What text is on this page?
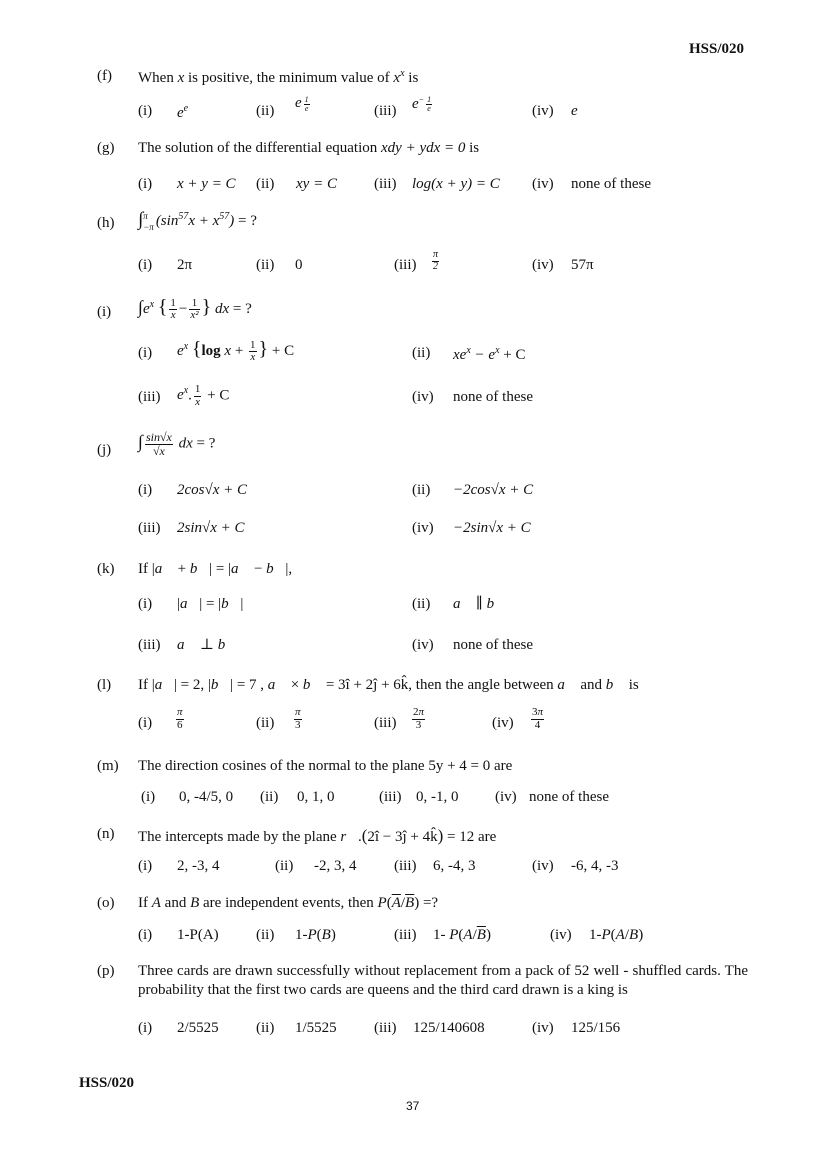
HSS/020
(f) When x is positive, the minimum value of $x^x$ is
(i) $e^e$	(ii) e $\frac{1}{e}$	(iii) $e^- \frac{1}{e}$	(iv) e
(g) The solution of the differential equation xdy + ydx = 0 is
(i) x + y = C (ii) xy = C (iii) log(x + y) = C (iv) none of these
(h) ∫ π
−π $(\sin^{57}x + x^{57})$ = ?
(i) 2π	(ii) 0	$(iii) \frac{\pi}{2}$	(iv) 57π
(i) $\int e^x$ { $\frac{1}{x} - \frac{1}{\text{x²}}$ } dx = ?
(i) $e^x$ {log $x + \frac{1}{x}$ } + C	(ii) $xe^x - e^x + C$
(iii) $e^x$. $\frac{1}{x} + C$	(iv) none of these
(j) ∫ $\frac{\sin√x}{√x}$ dx = ?
(i) 2cos√x + C	(ii) −2cos√x + C
(iii) 2sin√x + C	(iv) −2sin√x + C
(k) If |a⃗ + b⃗| = |a⃗ − b⃗|,
(i) |a⃗| = |b⃗|	(ii) a⃗ ∥ b⃗
(iii) a⃗ ⊥ b⃗	(iv) none of these
(l) If |a⃗| = 2, |b⃗| = 7 , a⃗ × b⃗ = 3î + 2ĵ + 6k̂, then the angle between a⃗ and b⃗ is
$(i) \frac{\pi}{6}$	$(ii) \frac{\pi}{3}$	$(iii) \frac{2\pi}{3}$	$(iv) \frac{3\pi}{4}$
(m) The direction cosines of the normal to the plane 5y + 4 = 0 are
(i) 0, -4/5, 0 (ii) 0, 1, 0	(iii) 0, -1, 0 (iv) none of these
(n) The intercepts made by the plane r⃗.(2î − 3ĵ + 4k̂) = 12 are
(i) 2, -3, 4	(ii) -2, 3, 4	(iii) 6, -4, 3	(iv) -6, 4, -3
(o) If A and B are independent events, then $P(\overline{A}/\overline{B})$ =?
(i) 1-P(A) (ii) 1-P(B)	(iii) 1- $P(A/\overline{B})$	(iv) 1-P(A/B)
(p) Three cards are drawn successfully without replacement from a pack of 52 well - shuffled cards. The probability that the first two cards are queens and the third card drawn is a king is
(i) 2/5525 (ii) 1/5525 (iii) 125/140608	(iv) 125/156
HSS/020
37
